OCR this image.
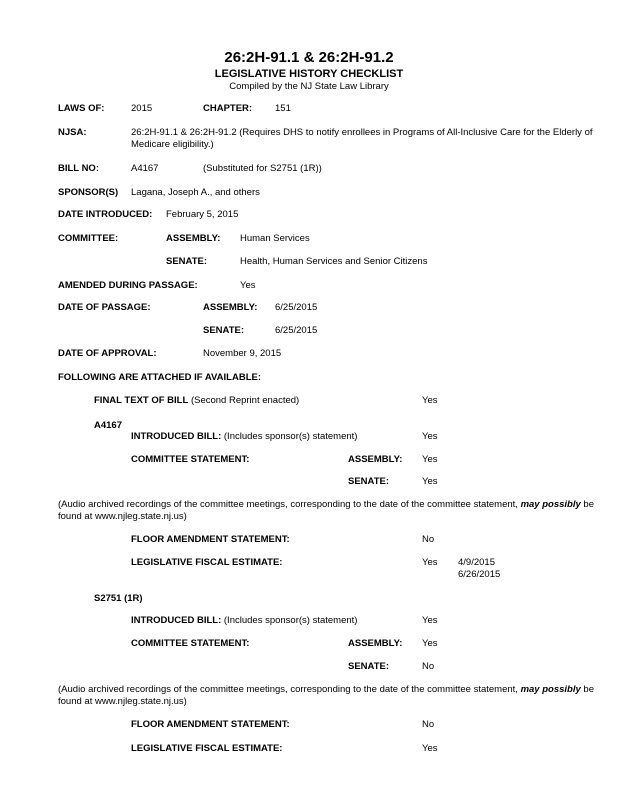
26:2H-91.1 & 26:2H-91.2
LEGISLATIVE HISTORY CHECKLIST
Compiled by the NJ State Law Library
LAWS OF:	2015	CHAPTER: 151
NJSA:	26:2H-91.1 & 26:2H-91.2 (Requires DHS to notify enrollees in Programs of All-Inclusive Care for the Elderly of Medicare eligibility.)
BILL NO:	A4167	(Substituted for S2751 (1R))
SPONSOR(S) Lagana, Joseph A., and others
DATE INTRODUCED: February 5, 2015
COMMITTEE:	ASSEMBLY: Human Services
SENATE:	Health, Human Services and Senior Citizens
AMENDED DURING PASSAGE:	Yes
DATE OF PASSAGE:	ASSEMBLY: 6/25/2015
SENATE:	6/25/2015
DATE OF APPROVAL:	November 9, 2015
FOLLOWING ARE ATTACHED IF AVAILABLE:
FINAL TEXT OF BILL (Second Reprint enacted)	Yes
A4167
INTRODUCED BILL: (Includes sponsor(s) statement)	Yes
COMMITTEE STATEMENT:	ASSEMBLY: Yes
SENATE:	Yes
(Audio archived recordings of the committee meetings, corresponding to the date of the committee statement, may possibly be found at www.njleg.state.nj.us)
FLOOR AMENDMENT STATEMENT:	No
LEGISLATIVE FISCAL ESTIMATE:	Yes 4/9/2015
6/26/2015
S2751 (1R)
INTRODUCED BILL: (Includes sponsor(s) statement)	Yes
COMMITTEE STATEMENT:	ASSEMBLY: Yes
SENATE:	No
(Audio archived recordings of the committee meetings, corresponding to the date of the committee statement, may possibly be found at www.njleg.state.nj.us)
FLOOR AMENDMENT STATEMENT:	No
LEGISLATIVE FISCAL ESTIMATE:	Yes
